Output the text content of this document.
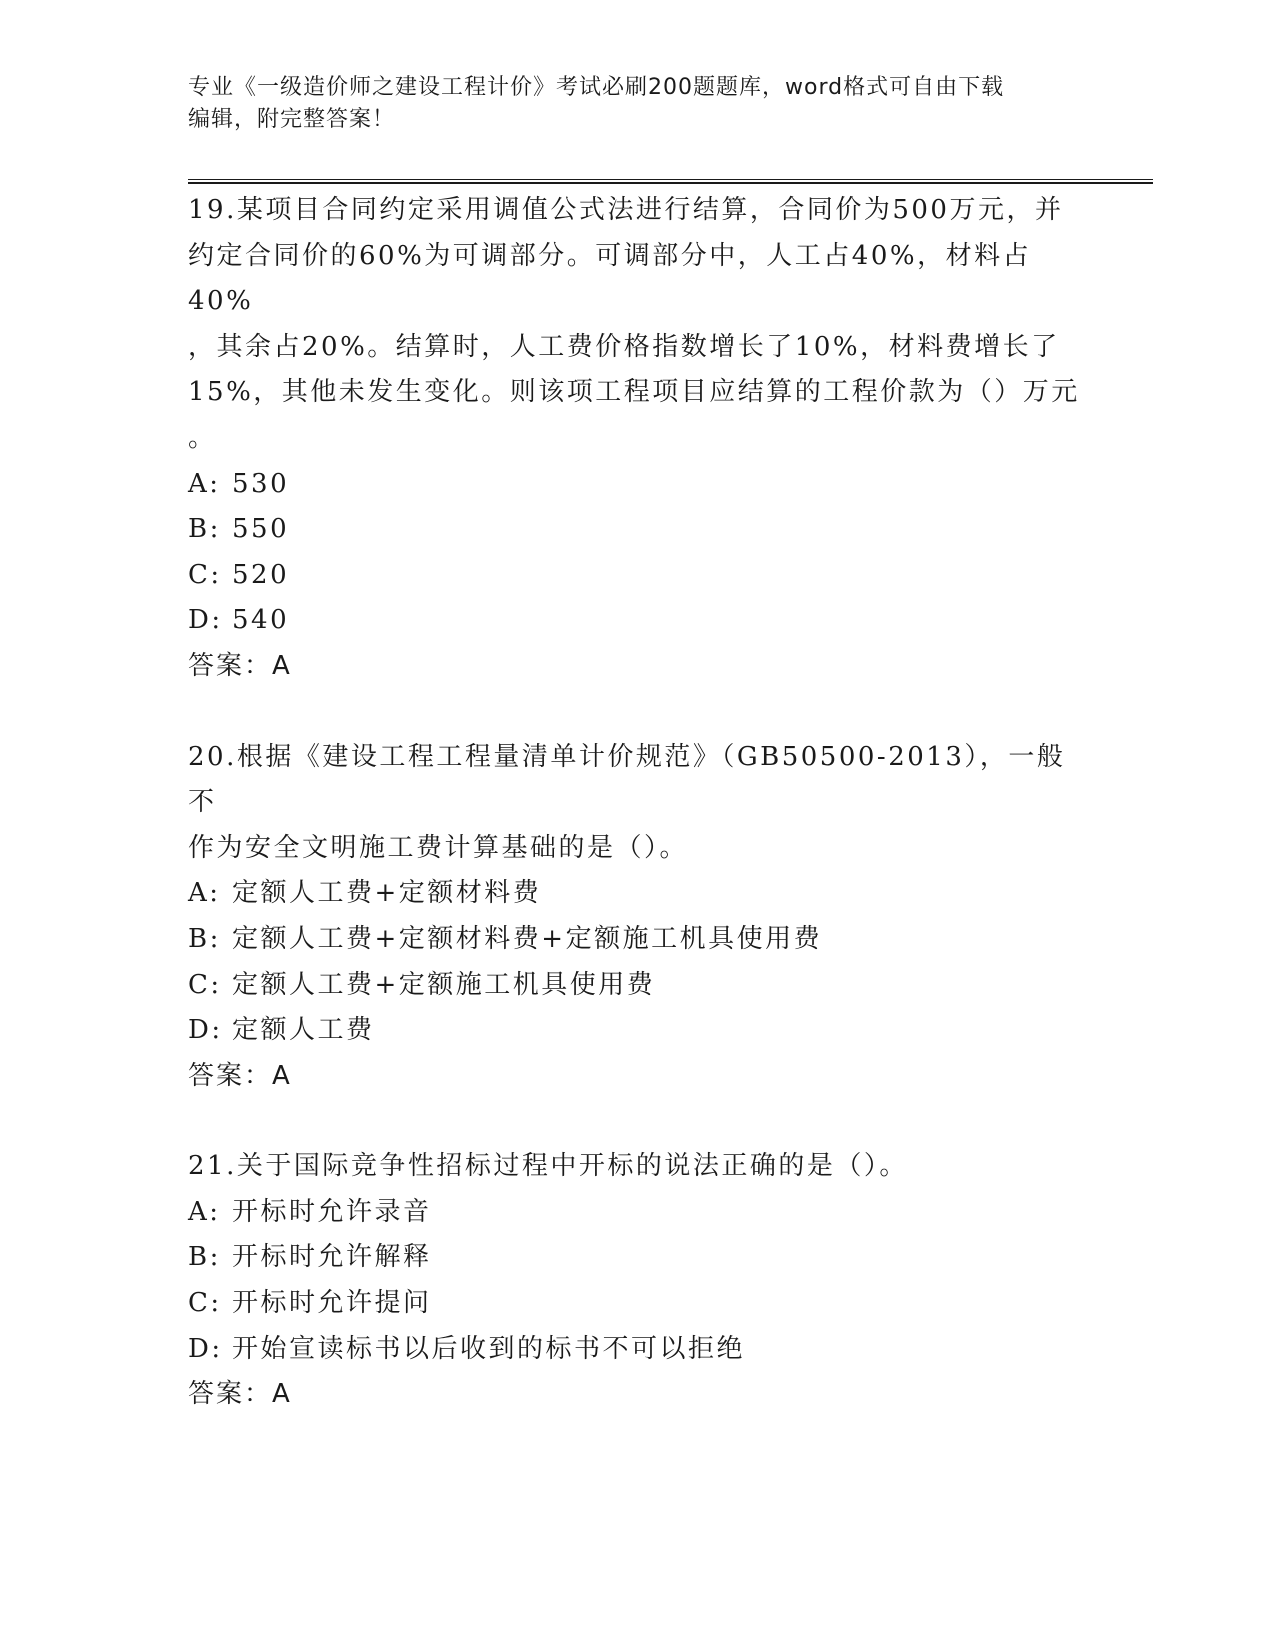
专业《一级造价师之建设工程计价》考试必刷200题题库，word格式可自由下载
编辑，附完整答案！

19.某项目合同约定采用调值公式法进行结算，合同价为500万元，并

约定合同价的60%为可调部分。可调部分中，人工占40%，材料占40%

，其余占20%。结算时，人工费价格指数增长了10%，材料费增长了

15%，其他未发生变化。则该项工程项目应结算的工程价款为（）万元

。

A: 530

B: 550

C: 520

D: 540

答案：A

20.根据《建设工程工程量清单计价规范》（GB50500-2013），一般不

作为安全文明施工费计算基础的是（）。

A: 定额人工费+定额材料费

B: 定额人工费+定额材料费+定额施工机具使用费

C: 定额人工费+定额施工机具使用费

D: 定额人工费

答案：A

21.关于国际竞争性招标过程中开标的说法正确的是（）。

A: 开标时允许录音

B: 开标时允许解释

C: 开标时允许提问

D: 开始宣读标书以后收到的标书不可以拒绝

答案：A
